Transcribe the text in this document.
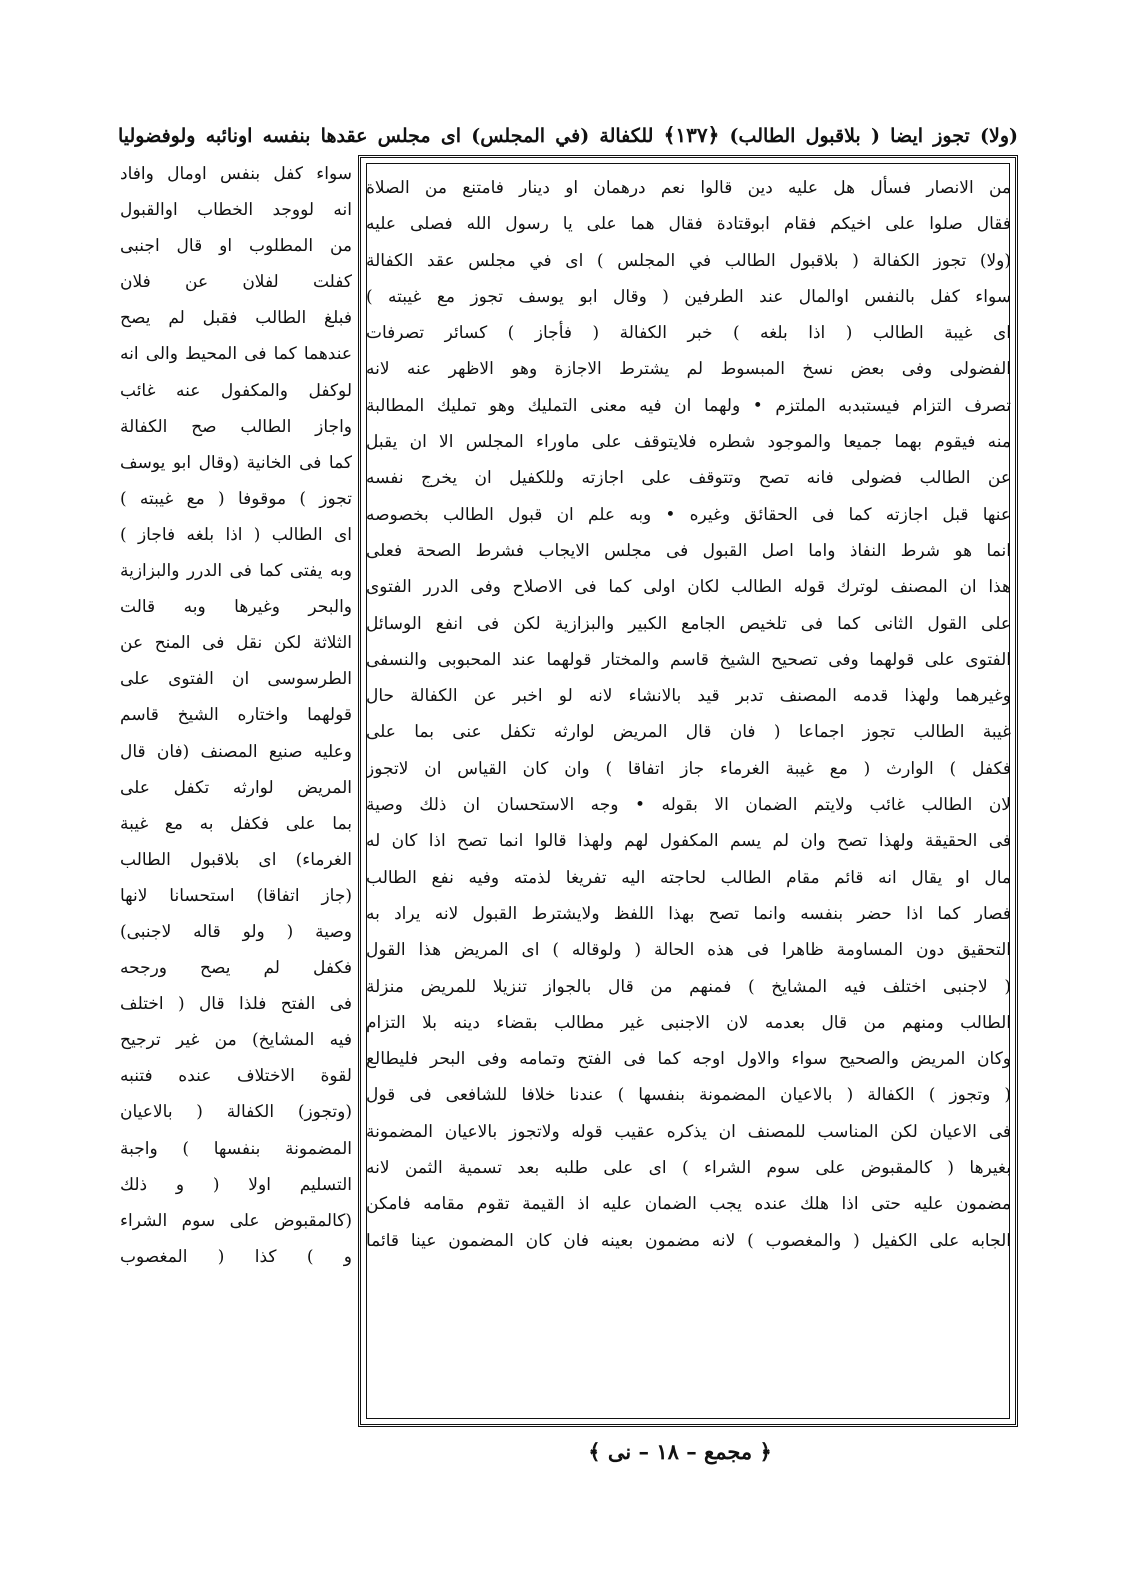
(ولا) تجوز ايضا ( بلاقبول الطالب) ﴿١٣٧﴾ للكفالة (في المجلس) اى مجلس عقدها بنفسه اونائبه ولوفضوليا
من الانصار فسأل هل عليه دين قالوا نعم درهمان او دينار فامتنع من الصلاة
فقال صلوا على اخيكم فقام ابوقتادة فقال هما على يا رسول الله فصلى عليه
(ولا) تجوز الكفالة ( بلاقبول الطالب في المجلس ) اى في مجلس عقد الكفالة
سواء كفل بالنفس اوالمال عند الطرفين ( وقال ابو يوسف تجوز مع غيبته )
اى غيبة الطالب ( اذا بلغه ) خبر الكفالة ( فأجاز ) كسائر تصرفات
الفضولى وفى بعض نسخ المبسوط لم يشترط الاجازة وهو الاظهر عنه لانه
تصرف التزام فيستبدبه الملتزم • ولهما ان فيه معنى التمليك وهو تمليك المطالبة
منه فيقوم بهما جميعا والموجود شطره فلايتوقف على ماوراء المجلس الا ان يقبل
عن الطالب فضولى فانه تصح وتتوقف على اجازته وللكفيل ان يخرج نفسه
عنها قبل اجازته كما فى الحقائق وغيره • وبه علم ان قبول الطالب بخصوصه
انما هو شرط النفاذ واما اصل القبول فى مجلس الايجاب فشرط الصحة فعلى
هذا ان المصنف لوترك قوله الطالب لكان اولى كما فى الاصلاح وفى الدرر الفتوى
على القول الثانى كما فى تلخيص الجامع الكبير والبزازية لكن فى انفع الوسائل
الفتوى على قولهما وفى تصحيح الشيخ قاسم والمختار قولهما عند المحبوبى والنسفى
وغيرهما ولهذا قدمه المصنف تدبر قيد بالانشاء لانه لو اخبر عن الكفالة حال
غيبة الطالب تجوز اجماعا ( فان قال المريض لوارثه تكفل عنى بما على
فكفل ) الوارث ( مع غيبة الغرماء جاز اتفاقا ) وان كان القياس ان لاتجوز
لان الطالب غائب ولايتم الضمان الا بقوله • وجه الاستحسان ان ذلك وصية
فى الحقيقة ولهذا تصح وان لم يسم المكفول لهم ولهذا قالوا انما تصح اذا كان له
مال او يقال انه قائم مقام الطالب لحاجته اليه تفريغا لذمته وفيه نفع الطالب
فصار كما اذا حضر بنفسه وانما تصح بهذا اللفظ ولايشترط القبول لانه يراد به
التحقيق دون المساومة ظاهرا فى هذه الحالة ( ولوقاله ) اى المريض هذا القول
( لاجنبى اختلف فيه المشايخ ) فمنهم من قال بالجواز تنزيلا للمريض منزلة
الطالب ومنهم من قال بعدمه لان الاجنبى غير مطالب بقضاء دينه بلا التزام
وكان المريض والصحيح سواء والاول اوجه كما فى الفتح وتمامه وفى البحر فليطالع
( وتجوز ) الكفالة ( بالاعيان المضمونة بنفسها ) عندنا خلافا للشافعى فى قول
فى الاعيان لكن المناسب للمصنف ان يذكره عقيب قوله ولاتجوز بالاعيان المضمونة
بغيرها ( كالمقبوض على سوم الشراء ) اى على طلبه بعد تسمية الثمن لانه
مضمون عليه حتى اذا هلك عنده يجب الضمان عليه اذ القيمة تقوم مقامه فامكن
الجابه على الكفيل ( والمغصوب ) لانه مضمون بعينه فان كان المضمون عينا قائما
سواء كفل بنفس اومال وافاد
انه لووجد الخطاب اوالقبول
من المطلوب او قال اجنبى
كفلت لفلان عن فلان
فبلغ الطالب فقبل لم يصح
عندهما كما فى المحيط والى انه
لوكفل والمكفول عنه غائب
واجاز الطالب صح الكفالة
كما فى الخانية (وقال ابو يوسف
تجوز ) موقوفا ( مع غيبته )
اى الطالب ( اذا بلغه فاجاز )
وبه يفتى كما فى الدرر والبزازية
والبحر وغيرها وبه قالت
الثلاثة لكن نقل فى المنح عن
الطرسوسى ان الفتوى على
قولهما واختاره الشيخ قاسم
وعليه صنيع المصنف (فان قال
المريض لوارثه تكفل على
بما على فكفل به مع غيبة
الغرماء) اى بلاقبول الطالب
(جاز اتفاقا) استحسانا لانها
وصية ( ولو قاله لاجنبى)
فكفل لم يصح ورجحه
فى الفتح فلذا قال ( اختلف
فيه المشايخ) من غير ترجيح
لقوة الاختلاف عنده فتنبه
(وتجوز) الكفالة ( بالاعيان
المضمونة بنفسها ) واجبة
التسليم اولا ( و ذلك
(كالمقبوض على سوم الشراء
و ) كذا ( المغصوب
﴿ مجمع – ١٨ – نى ﴾
